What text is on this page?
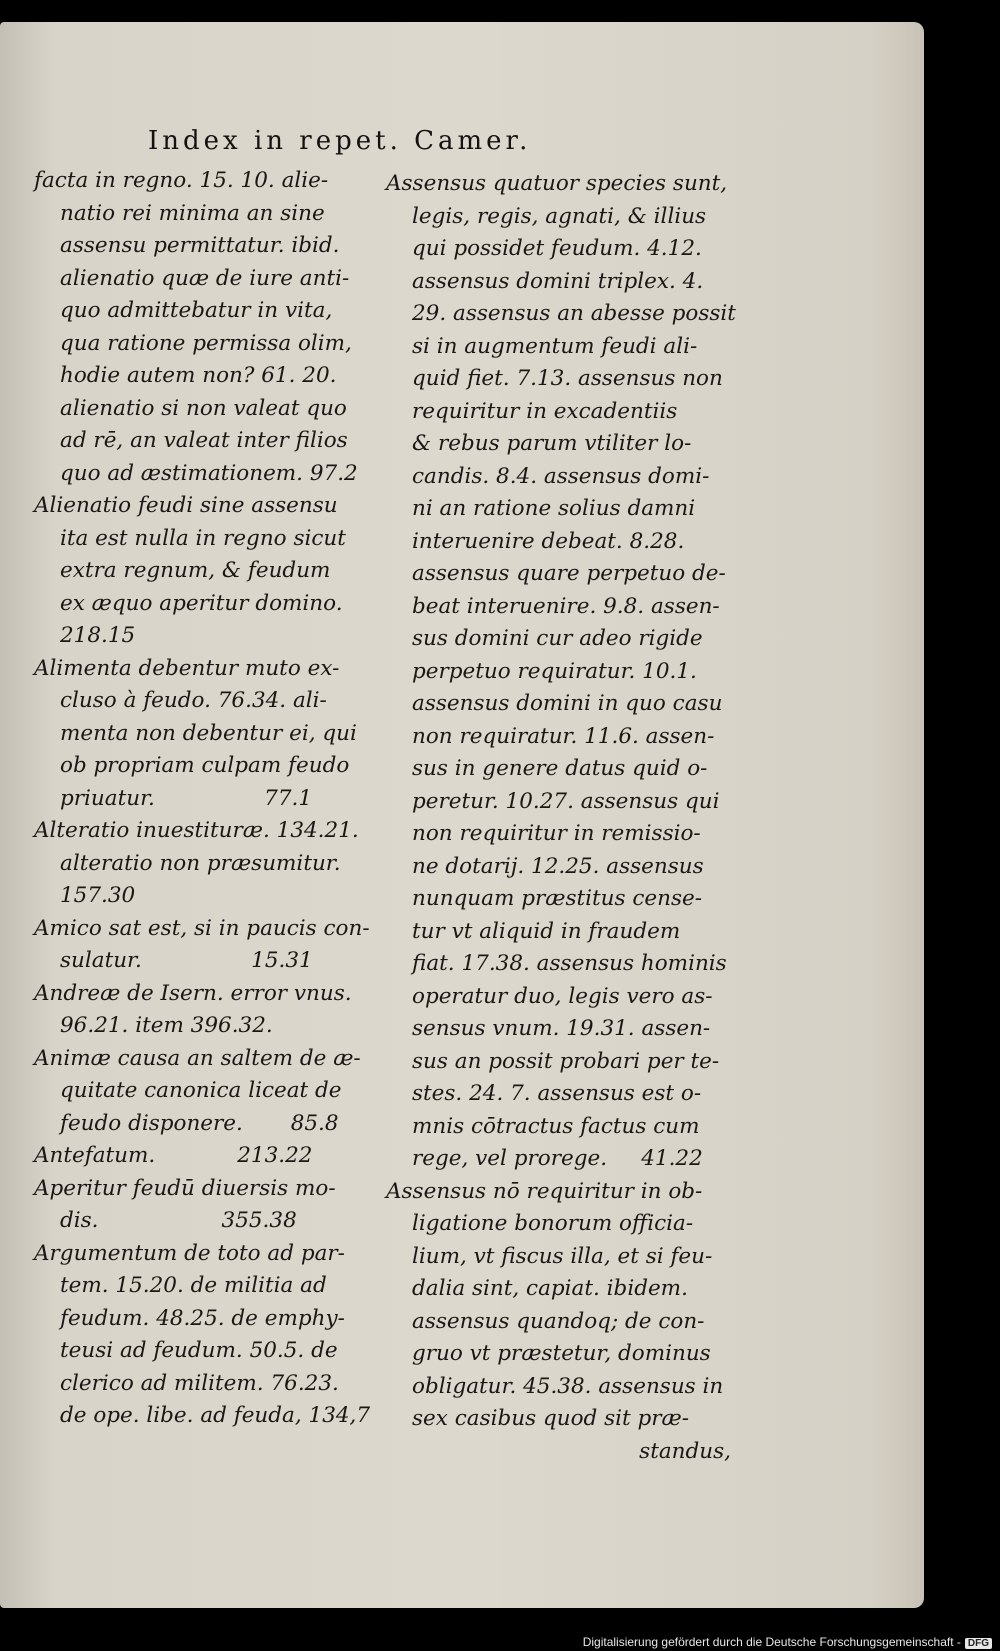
Index in repet. Camer.
facta in regno. 15. 10. alie-
natio rei minima an sine
assensu permittatur. ibid.
alienatio quæ de iure anti-
quo admittebatur in vita,
qua ratione permissa olim,
hodie autem non? 61. 20.
alienatio si non valeat quo
ad rē, an valeat inter filios
quo ad æstimationem. 97.2
Alienatio feudi sine assensu
ita est nulla in regno sicut
extra regnum, & feudum
ex æquo aperitur domino.
218.15
Alimenta debentur muto ex-
cluso à feudo. 76.34. ali-
menta non debentur ei, qui
ob propriam culpam feudo
priuatur.                77.1
Alteratio inuestituræ. 134.21.
alteratio non præsumitur.
157.30
Amico sat est, si in paucis con-
sulatur.                15.31
Andreæ de Isern. error vnus.
96.21. item 396.32.
Animæ causa an saltem de æ-
quitate canonica liceat de
feudo disponere.       85.8
Antefatum.            213.22
Aperitur feudū diuersis mo-
dis.                  355.38
Argumentum de toto ad par-
tem. 15.20. de militia ad
feudum. 48.25. de emphy-
teusi ad feudum. 50.5. de
clerico ad militem. 76.23.
de ope. libe. ad feuda, 134,7
Assensus quatuor species sunt,
legis, regis, agnati, & illius
qui possidet feudum. 4.12.
assensus domini triplex. 4.
29. assensus an abesse possit
si in augmentum feudi ali-
quid fiet. 7.13. assensus non
requiritur in excadentiis
& rebus parum vtiliter lo-
candis. 8.4. assensus domi-
ni an ratione solius damni
interuenire debeat. 8.28.
assensus quare perpetuo de-
beat interuenire. 9.8. assen-
sus domini cur adeo rigide
perpetuo requiratur. 10.1.
assensus domini in quo casu
non requiratur. 11.6. assen-
sus in genere datus quid o-
peretur. 10.27. assensus qui
non requiritur in remissio-
ne dotarij. 12.25. assensus
nunquam præstitus cense-
tur vt aliquid in fraudem
fiat. 17.38. assensus hominis
operatur duo, legis vero as-
sensus vnum. 19.31. assen-
sus an possit probari per te-
stes. 24. 7. assensus est o-
mnis cōtractus factus cum
rege, vel prorege.     41.22
Assensus nō requiritur in ob-
ligatione bonorum officia-
lium, vt fiscus illa, et si feu-
dalia sint, capiat. ibidem.
assensus quandoq; de con-
gruo vt præstetur, dominus
obligatur. 45.38. assensus in
sex casibus quod sit præ-
standus,
Digitalisierung gefördert durch die Deutsche Forschungsgemeinschaft - DFG
